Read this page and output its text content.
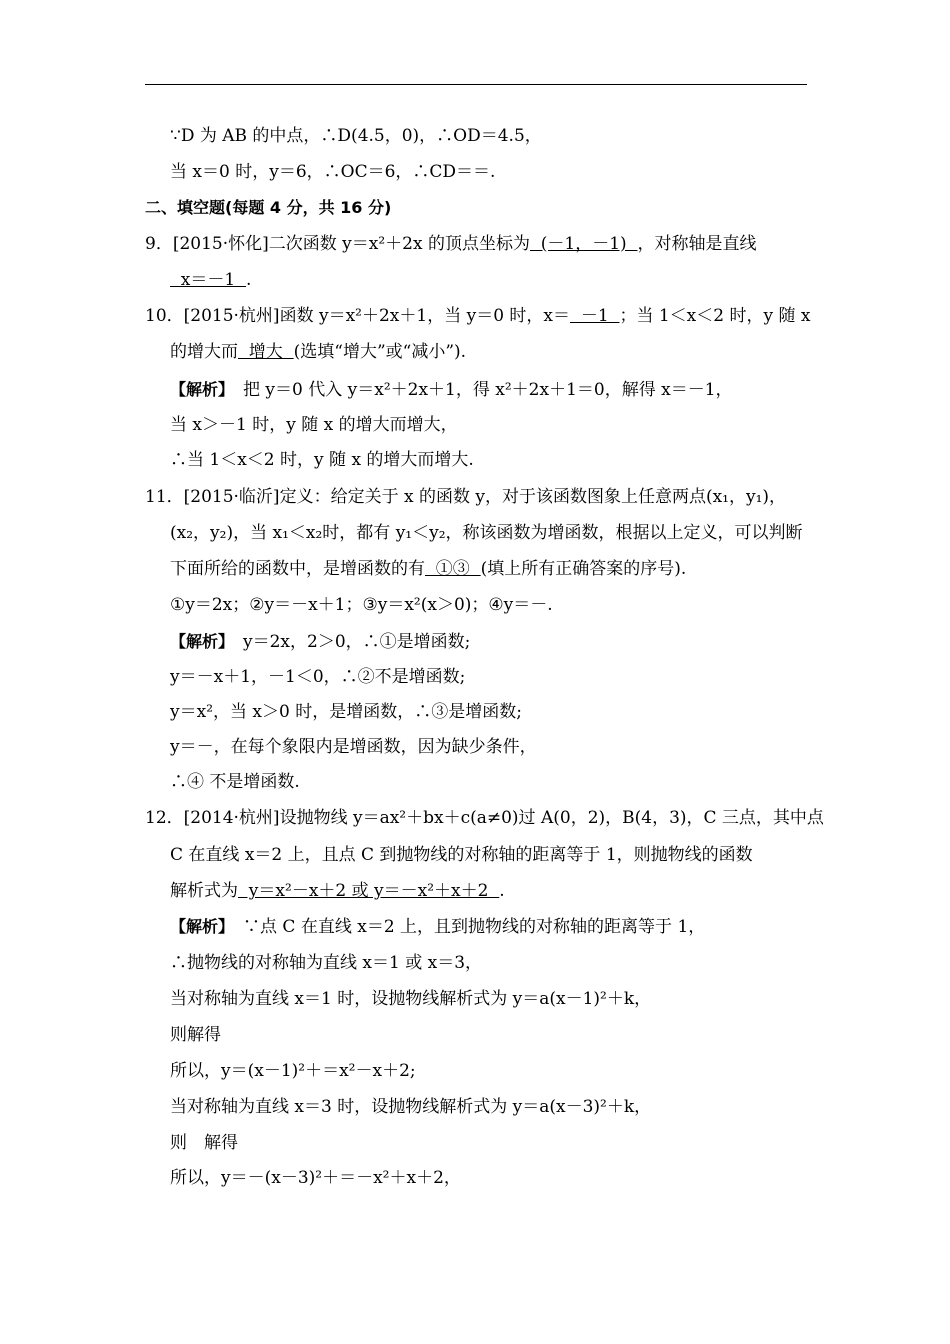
∵D 为 AB 的中点，∴D(4.5，0)，∴OD＝4.5，
当 x＝0 时，y＝6，∴OC＝6，∴CD＝＝.
二、填空题(每题 4 分，共 16 分)
9．[2015·怀化]二次函数 y＝x²＋2x 的顶点坐标为  (－1，－1)  ，对称轴是直线
x＝－1  .
10．[2015·杭州]函数 y＝x²＋2x＋1，当 y＝0 时，x＝  －1  ；当 1＜x＜2 时，y 随 x
的增大而  增大  (选填“增大”或“减小”).
【解析】　 把 y＝0 代入 y＝x²＋2x＋1，得 x²＋2x＋1＝0，解得 x＝－1，
当 x＞－1 时，y 随 x 的增大而增大，
∴当 1＜x＜2 时，y 随 x 的增大而增大.
11．[2015·临沂]定义：给定关于 x 的函数 y，对于该函数图象上任意两点(x₁，y₁)，
(x₂，y₂)，当 x₁＜x₂时，都有 y₁＜y₂，称该函数为增函数，根据以上定义，可以判断
下面所给的函数中，是增函数的有  ①③  (填上所有正确答案的序号).
①y＝2x；②y＝－x＋1；③y＝x²(x＞0)；④y＝－.
【解析】　 y＝2x，2＞0，∴①是增函数;
y＝－x＋1，－1＜0，∴②不是增函数;
y＝x²，当 x＞0 时，是增函数，∴③是增函数;
y＝－，在每个象限内是增函数，因为缺少条件，
∴④ 不是增函数.
12．[2014·杭州]设抛物线 y＝ax²＋bx＋c(a≠0)过 A(0，2)，B(4，3)，C 三点，其中点
C 在直线 x＝2 上，且点 C 到抛物线的对称轴的距离等于 1，则抛物线的函数
解析式为  y＝x²－x＋2 或 y＝－x²＋x＋2  .
【解析】　 ∵点 C 在直线 x＝2 上，且到抛物线的对称轴的距离等于 1，
∴抛物线的对称轴为直线 x＝1 或 x＝3，
当对称轴为直线 x＝1 时，设抛物线解析式为 y＝a(x－1)²＋k，
则解得
所以，y＝(x－1)²＋＝x²－x＋2;
当对称轴为直线 x＝3 时，设抛物线解析式为 y＝a(x－3)²＋k，
则　解得
所以，y＝－(x－3)²＋＝－x²＋x＋2，
